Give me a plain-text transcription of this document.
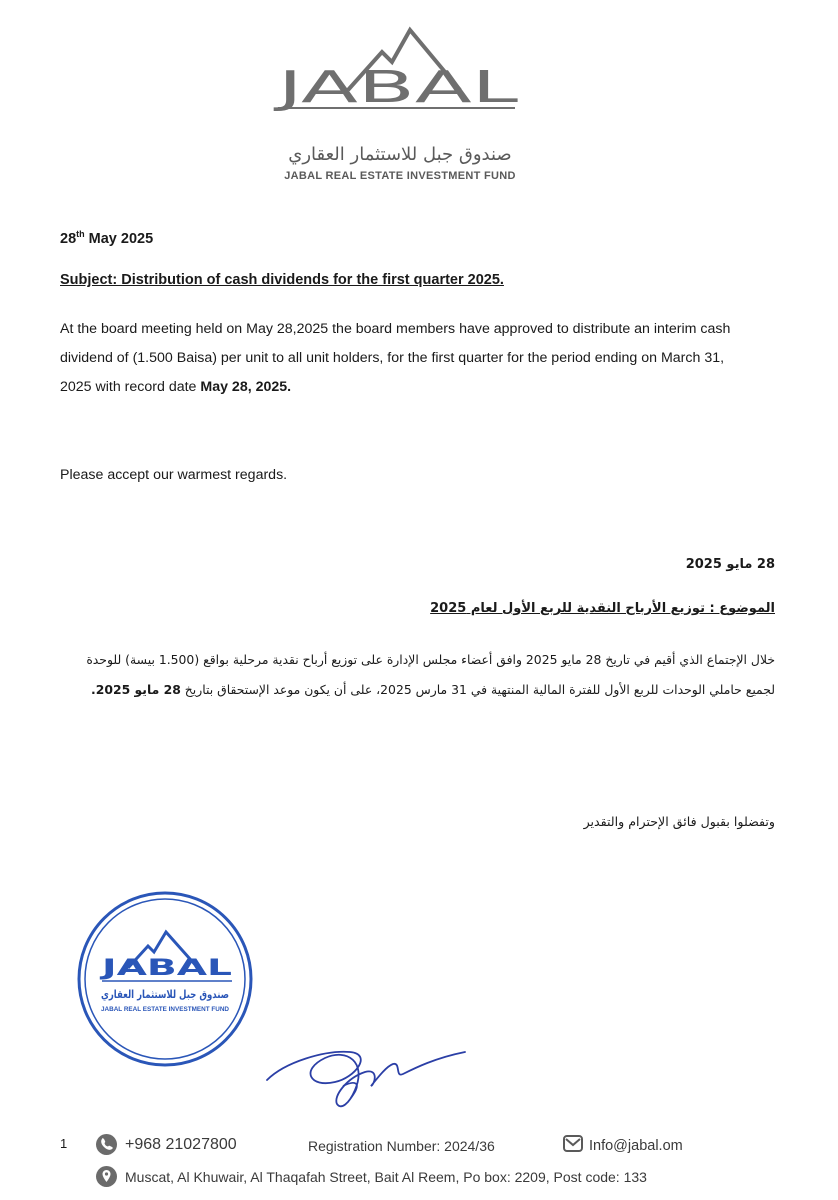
JABAL
صندوق جبل للاستثمار العقاري
JABAL REAL ESTATE INVESTMENT FUND
28th May 2025
Subject: Distribution of cash dividends for the first quarter 2025.
At the board meeting held on May 28,2025 the board members have approved to distribute an interim cash
dividend of (1.500 Baisa) per unit to all unit holders, for the first quarter for the period ending on March 31,
2025 with record date May 28, 2025.
Please accept our warmest regards.
28 مايو 2025
الموضوع : توزيع الأرباح النقدية للربع الأول لعام 2025
خلال الإجتماع الذي أقيم في تاريخ 28 مايو 2025 وافق أعضاء مجلس الإدارة على توزيع أرباح نقدية مرحلية بواقع (1.500 بيسة) للوحدة
لجميع حاملي الوحدات للربع الأول للفترة المالية المنتهية في 31 مارس 2025، على أن يكون موعد الإستحقاق بتاريخ 28 مايو 2025.
وتفضلوا بقبول فائق الإحترام والتقدير
JABAL
صندوق جبل للاستثمار العقاري
JABAL REAL ESTATE INVESTMENT FUND
1	+968 21027800	Registration Number: 2024/36	Info@jabal.om
Muscat, Al Khuwair, Al Thaqafah Street, Bait Al Reem, Po box: 2209, Post code: 133
